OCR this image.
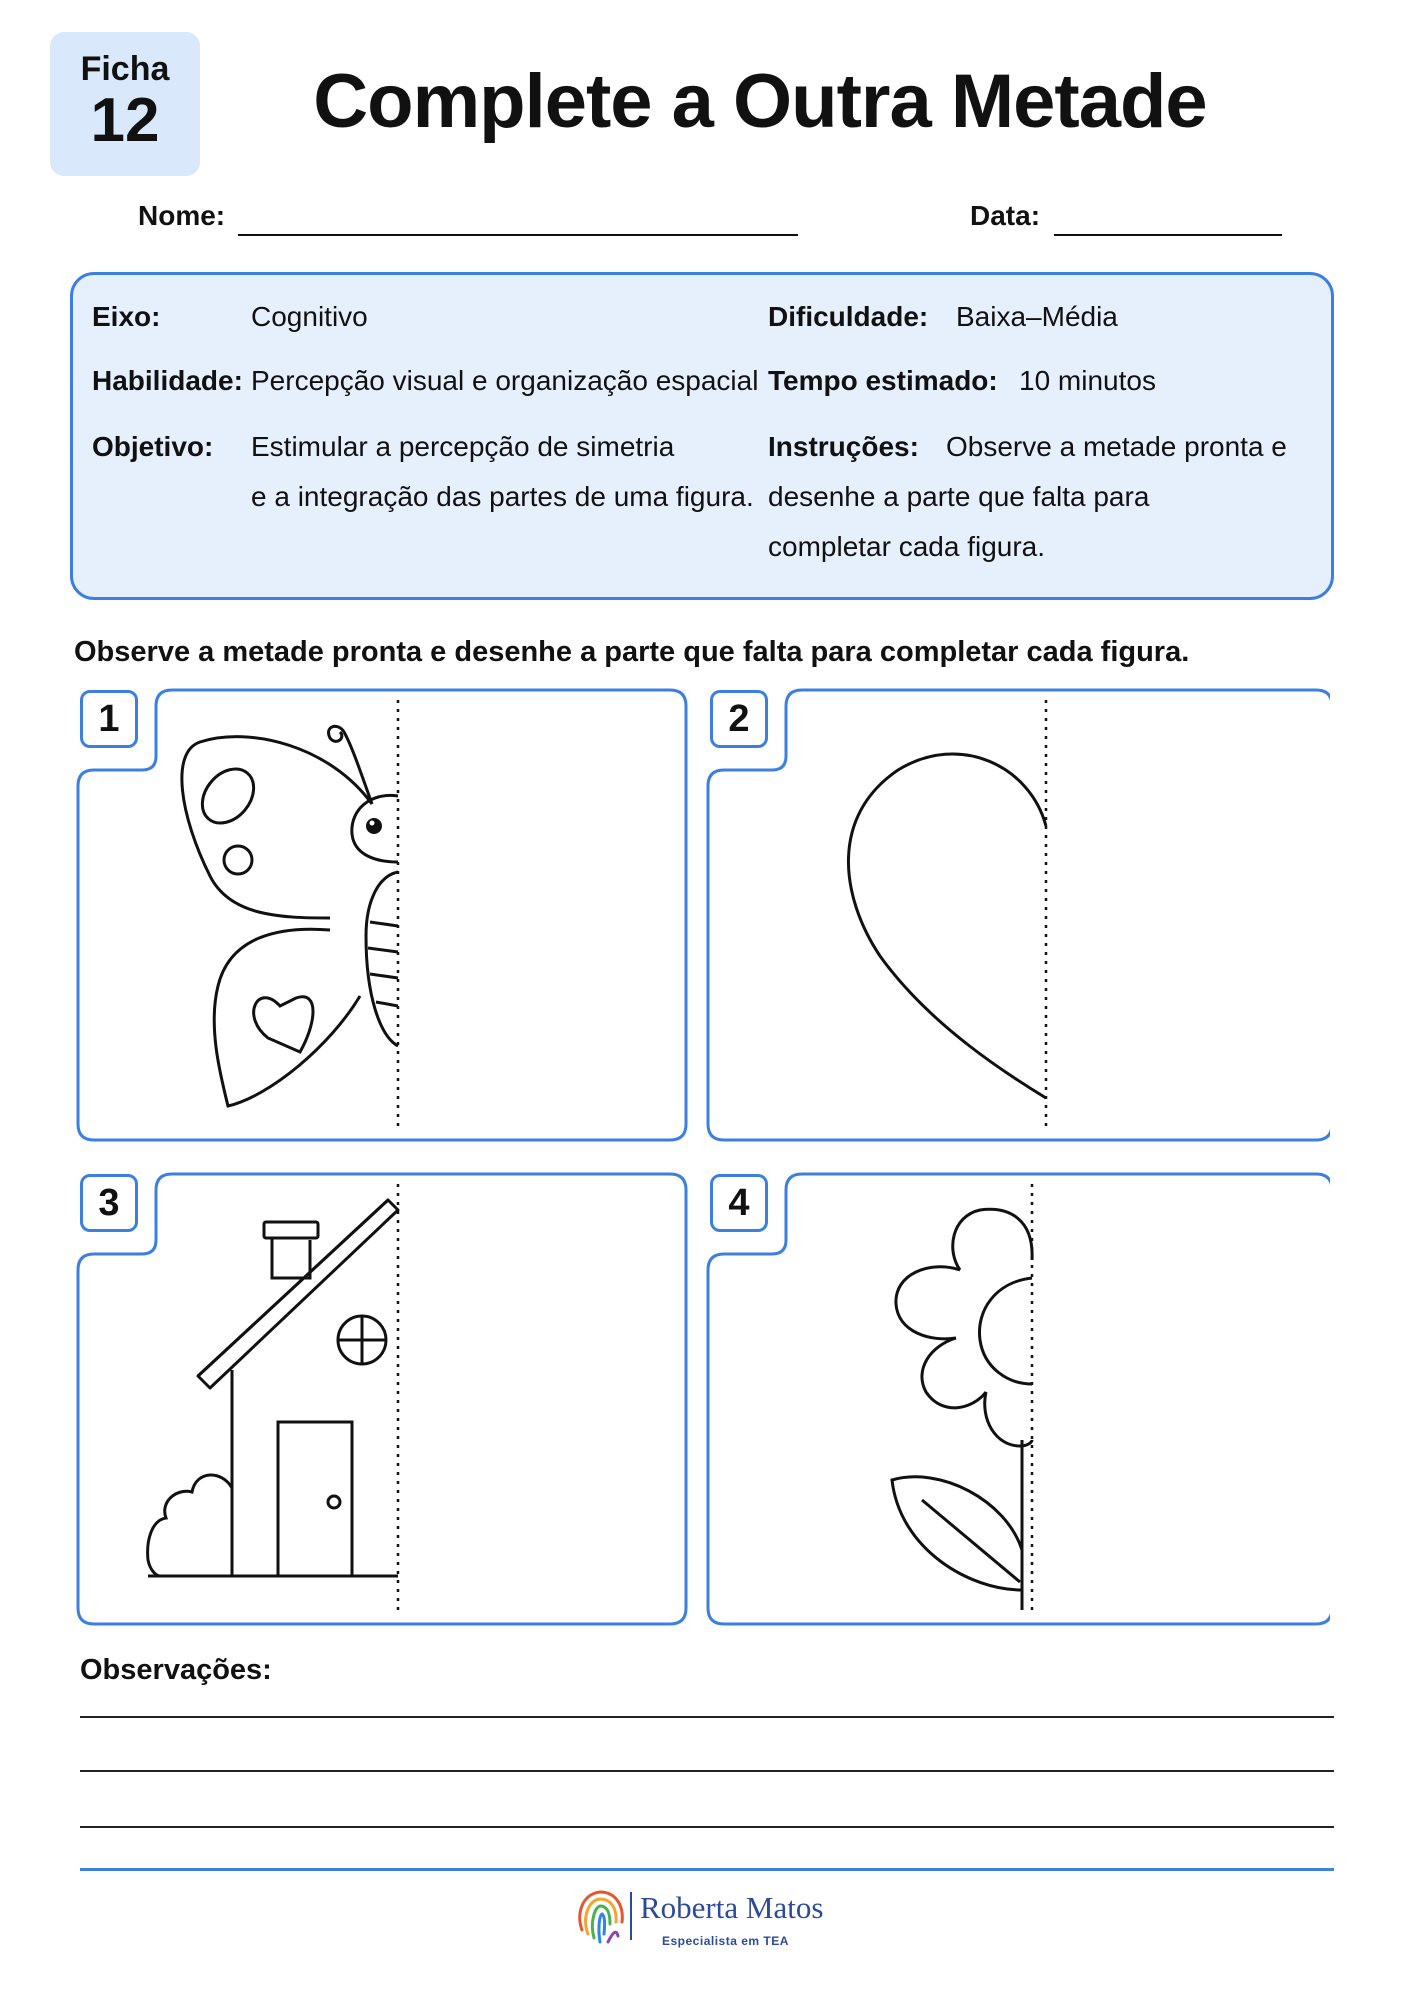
Ficha
12	Complete a Outra Metade
Nome:	Data:
Eixo:	Cognitivo
Habilidade: Percepção visual e organização espacial
Objetivo: Estimular a percepção de simetria
e a integração das partes de uma figura.
Dificuldade: Baixa–Média
Tempo estimado: 10 minutos
Instruções: Observe a metade pronta e
desenhe a parte que falta para
completar cada figura.
Observe a metade pronta e desenhe a parte que falta para completar cada figura.
1	2
3	4
Observações:
Roberta Matos
Especialista em TEA
